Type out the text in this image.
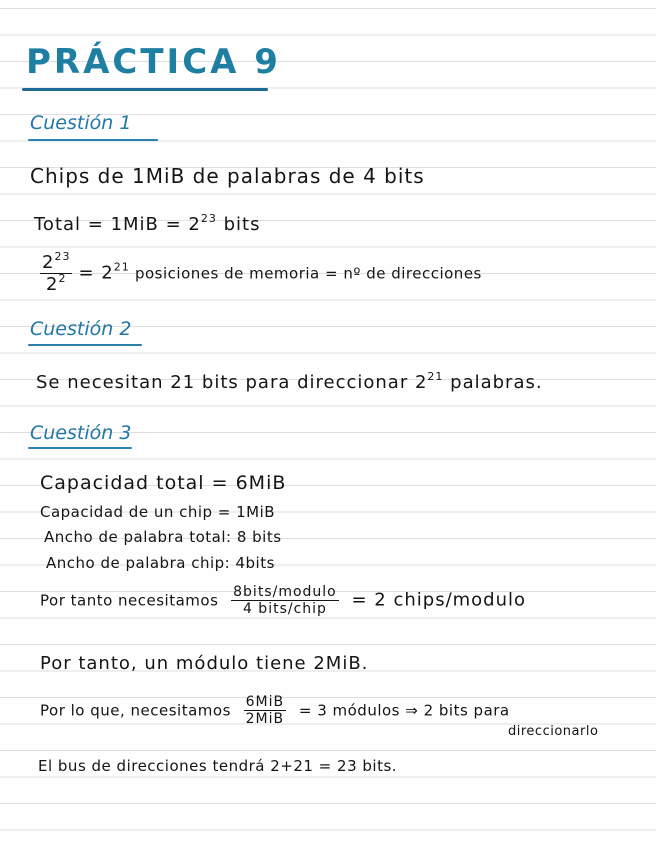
PRÁCTICA 9
Cuestión 1
Chips de 1MiB de palabras de 4 bits
Total = $1MiB = 2^{23}$ bits
$\frac{2^{23}}{2^2} = 2^{21}$ posiciones de memoria = nº de direcciones
Cuestión 2
Se necesitan 21 bits para direccionar $2^{21}$ palabras.
Cuestión 3
Capacidad total = 6MiB
Capacidad de un chip = 1MiB
Ancho de palabra total: 8 bits
Ancho de palabra chip: 4bits
Por tanto necesitamos $\frac{\text{8bits/modulo}}{\text{4 bits/chip}} = 2$ chips/modulo
Por tanto, un módulo tiene 2MiB.
Por lo que, necesitamos $\frac{\text{6MiB}}{\text{2MiB}} = 3$ módulos ⇒ 2 bits para
direccionarlo
El bus de direcciones tendrá 2+21 = 23 bits.
